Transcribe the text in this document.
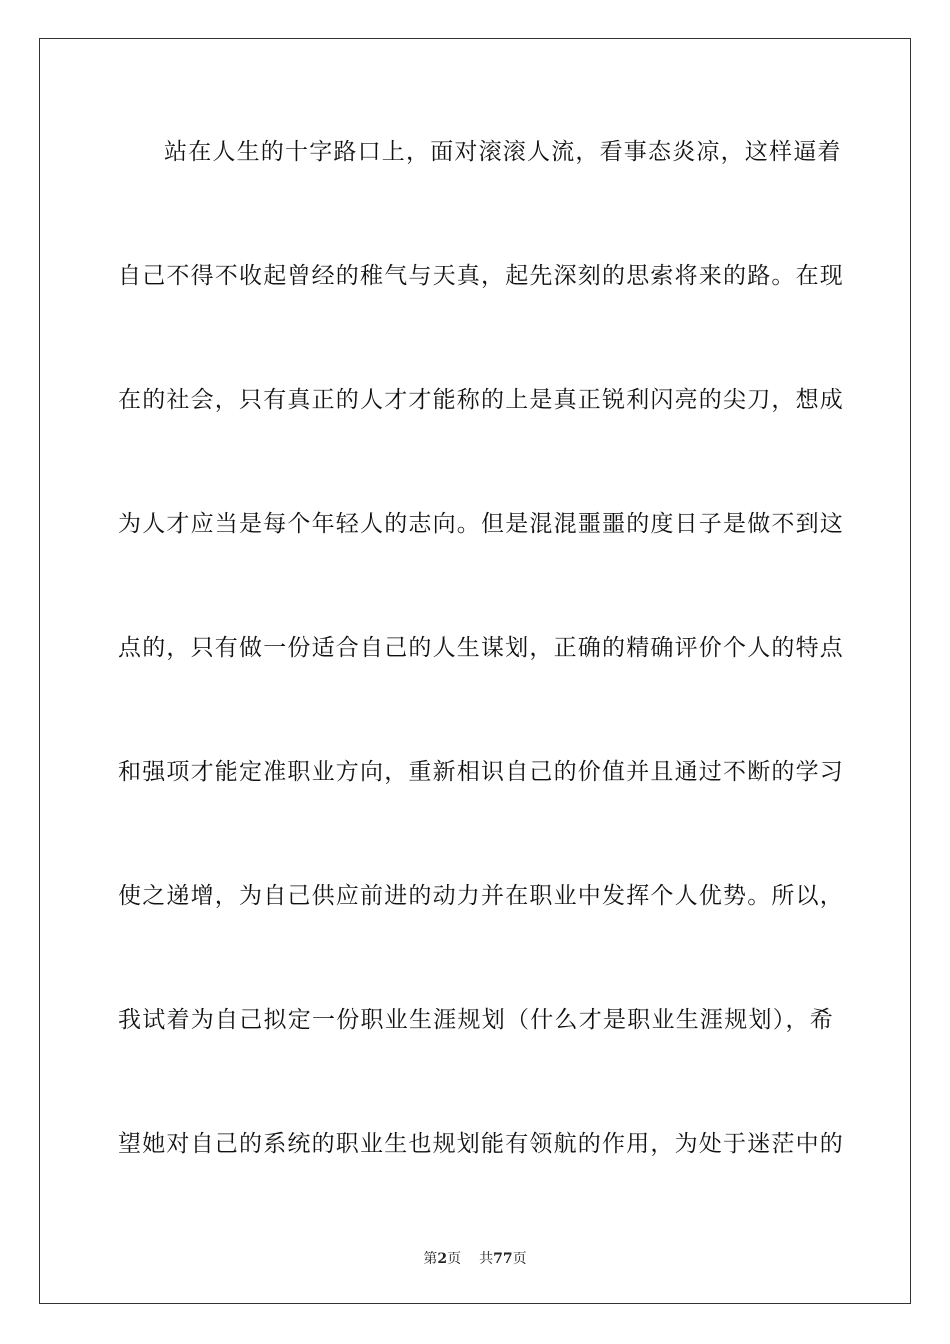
站在人生的十字路口上，面对滚滚人流，看事态炎凉，这样逼着
自己不得不收起曾经的稚气与天真，起先深刻的思索将来的路。在现
在的社会，只有真正的人才才能称的上是真正锐利闪亮的尖刀，想成
为人才应当是每个年轻人的志向。但是混混噩噩的度日子是做不到这
点的，只有做一份适合自己的人生谋划，正确的精确评价个人的特点
和强项才能定准职业方向，重新相识自己的价值并且通过不断的学习
使之递增，为自己供应前进的动力并在职业中发挥个人优势。所以，
我试着为自己拟定一份职业生涯规划（什么才是职业生涯规划），希
望她对自己的系统的职业生也规划能有领航的作用，为处于迷茫中的
第2页 共77页
